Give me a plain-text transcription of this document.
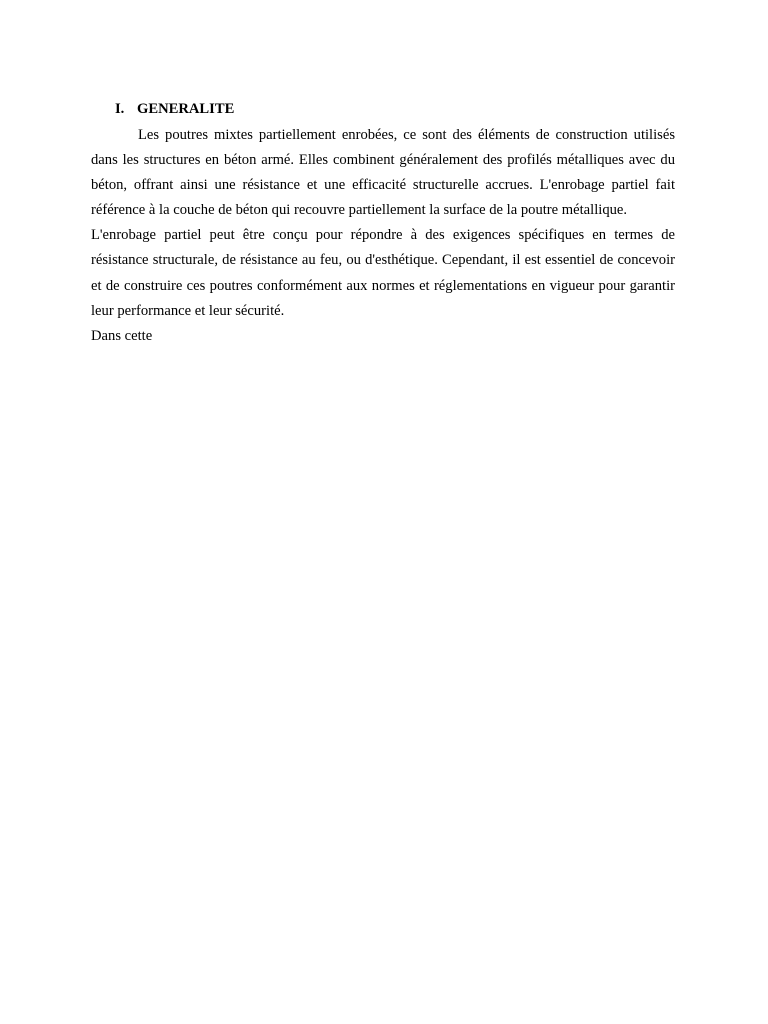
I. GENERALITE

Les poutres mixtes partiellement enrobées, ce sont des éléments de construction utilisés dans les structures en béton armé. Elles combinent généralement des profilés métalliques avec du béton, offrant ainsi une résistance et une efficacité structurelle accrues. L'enrobage partiel fait référence à la couche de béton qui recouvre partiellement la surface de la poutre métallique.

L'enrobage partiel peut être conçu pour répondre à des exigences spécifiques en termes de résistance structurale, de résistance au feu, ou d'esthétique. Cependant, il est essentiel de concevoir et de construire ces poutres conformément aux normes et réglementations en vigueur pour garantir leur performance et leur sécurité.

Dans cette
